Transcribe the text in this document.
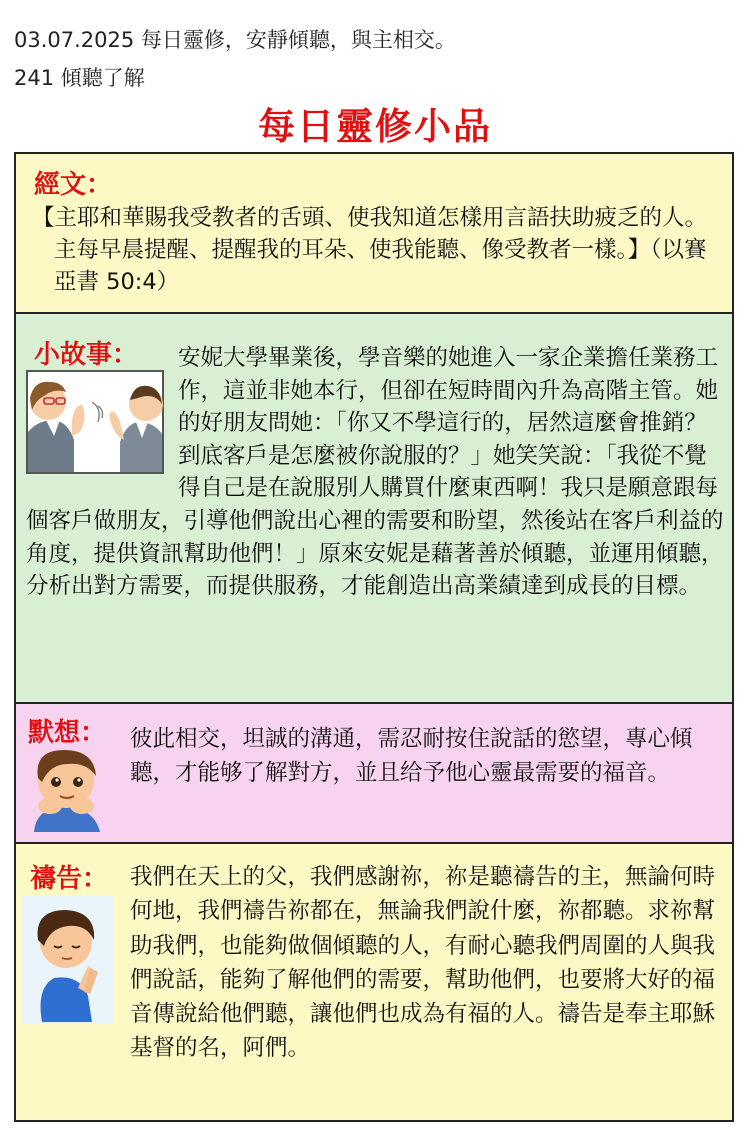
03.07.2025 每日靈修，安靜傾聽，與主相交。
241 傾聽了解
每日靈修小品
經文：
【主耶和華賜我受教者的舌頭、使我知道怎樣用言語扶助疲乏的人。主每早晨提醒、提醒我的耳朵、使我能聽、像受教者一樣。】（以賽亞書 50:4）
小故事：	安妮大學畢業後，學音樂的她進入一家企業擔任業務工作，這並非她本行，但卻在短時間內升為高階主管。她的好朋友問她：「你又不學這行的，居然這麼會推銷？到底客戶是怎麼被你說服的？」她笑笑說：「我從不覺得自己是在說服別人購買什麼東西啊！我只是願意跟每個客戶做朋友，引導他們說出心裡的需要和盼望，然後站在客戶利益的角度，提供資訊幫助他們！」原來安妮是藉著善於傾聽，並運用傾聽，分析出對方需要，而提供服務，才能創造出高業績達到成長的目標。
默想： 彼此相交，坦誠的溝通，需忍耐按住說話的慾望，專心傾聽，才能够了解對方，並且给予他心靈最需要的福音。
禱告： 我們在天上的父，我們感謝祢，祢是聽禱告的主，無論何時何地，我們禱告祢都在，無論我們說什麼，祢都聽。求祢幫助我們，也能夠做個傾聽的人，有耐心聽我們周圍的人與我們說話，能夠了解他們的需要，幫助他們，也要將大好的福音傳說給他們聽，讓他們也成為有福的人。禱告是奉主耶穌基督的名，阿們。
